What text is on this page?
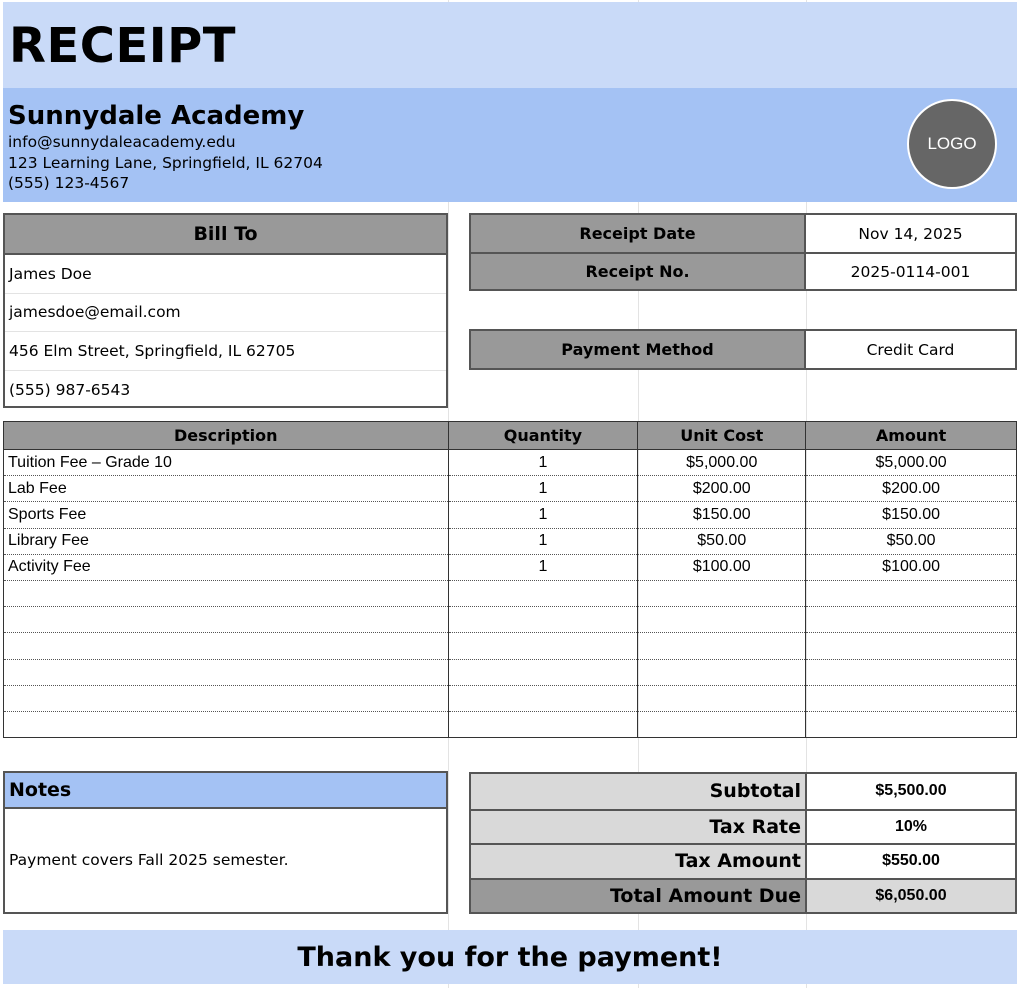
RECEIPT
Sunnydale Academy
info@sunnydaleacademy.edu
123 Learning Lane, Springfield, IL 62704
(555) 123-4567
LOGO
Bill To
James Doe
jamesdoe@email.com
456 Elm Street, Springfield, IL 62705
(555) 987-6543
Receipt Date	Nov 14, 2025
Receipt No.	2025-0114-001
Payment Method	Credit Card
Description	Quantity	Unit Cost	Amount
Tuition Fee – Grade 10	1	$5,000.00	$5,000.00
Lab Fee	1	$200.00	$200.00
Sports Fee	1	$150.00	$150.00
Library Fee	1	$50.00	$50.00
Activity Fee	1	$100.00	$100.00

Notes
Payment covers Fall 2025 semester.
Subtotal	$5,500.00
Tax Rate	10%
Tax Amount	$550.00
Total Amount Due	$6,050.00
Thank you for the payment!
